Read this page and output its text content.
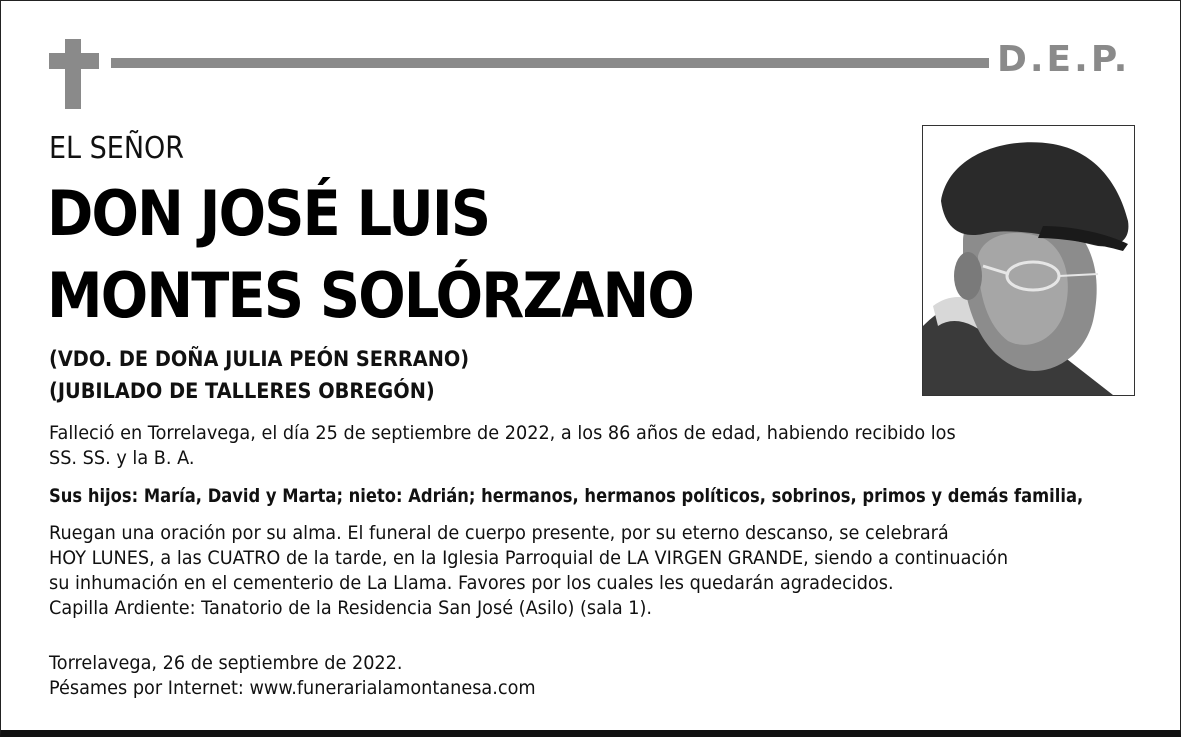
D.E.P.
EL SEÑOR
DON JOSÉ LUIS
MONTES SOLÓRZANO
(VDO. DE DOÑA JULIA PEÓN SERRANO)
(JUBILADO DE TALLERES OBREGÓN)
Falleció en Torrelavega, el día 25 de septiembre de 2022, a los 86 años de edad, habiendo recibido los
SS. SS. y la B. A.
Sus hijos: María, David y Marta; nieto: Adrián; hermanos, hermanos políticos, sobrinos, primos y demás familia,
Ruegan una oración por su alma. El funeral de cuerpo presente, por su eterno descanso, se celebrará
HOY LUNES, a las CUATRO de la tarde, en la Iglesia Parroquial de LA VIRGEN GRANDE, siendo a continuación
su inhumación en el cementerio de La Llama. Favores por los cuales les quedarán agradecidos.
Capilla Ardiente: Tanatorio de la Residencia San José (Asilo) (sala 1).
Torrelavega, 26 de septiembre de 2022.
Pésames por Internet: www.funerarialamontanesa.com
